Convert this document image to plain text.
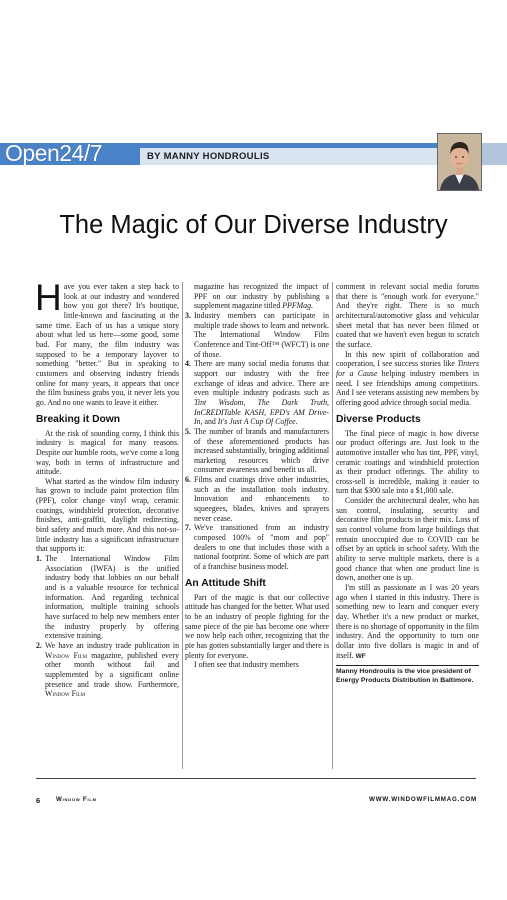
Open24/7	BY MANNY HONDROULIS
The Magic of Our Diverse Industry

Have you ever taken a step back to look at our industry and wondered how you got there? It's boutique, little-known and fascinating at the same time. Each of us has a unique story about what led us here—some good, some bad. For many, the film industry was supposed to be a temporary layover to something "better." But in speaking to customers and observing industry friends online for many years, it appears that once the film business grabs you, it never lets you go. And no one wants to leave it either.

Breaking it Down

At the risk of sounding corny, I think this industry is magical for many reasons. Despite our humble roots, we've come a long way, both in terms of infrastructure and attitude.

What started as the window film industry has grown to include paint protection film (PPF), color change vinyl wrap, ceramic coatings, windshield protection, decorative finishes, anti-graffiti, daylight redirecting, bird safety and much more. And this not-so-little industry has a significant infrastructure that supports it:

1. The International Window Film Association (IWFA) is the unified industry body that lobbies on our behalf and is a valuable resource for technical information. And regarding technical information, multiple training schools have surfaced to help new members enter the industry properly by offering extensive training.
2. We have an industry trade publication in Window Film magazine, published every other month without fail and supplemented by a significant online presence and trade show. Furthermore, Window Film

magazine has recognized the impact of PPF on our industry by publishing a supplement magazine titled PPFMag.

3. Industry members can participate in multiple trade shows to learn and network. The International Window Film Conference and Tint-Off™ (WFCT) is one of those.
4. There are many social media forums that support our industry with the free exchange of ideas and advice. There are even multiple industry podcasts such as Tint Wisdom, The Dark Truth, InCREDITable KASH, EPD's AM Drive-In, and It's Just A Cup Of Coffee.
5. The number of brands and manufacturers of these aforementioned products has increased substantially, bringing additional marketing resources which drive consumer awareness and benefit us all.
6. Films and coatings drive other industries, such as the installation tools industry. Innovation and enhancements to squeegees, blades, knives and sprayers never cease.
7. We've transitioned from an industry composed 100% of "mom and pop" dealers to one that includes those with a national footprint. Some of which are part of a franchise business model.

An Attitude Shift

Part of the magic is that our collective attitude has changed for the better. What used to be an industry of people fighting for the same piece of the pie has become one where we now help each other, recognizing that the pie has gotten substantially larger and there is plenty for everyone.

I often see that industry members

comment in relevant social media forums that there is "enough work for everyone." And they're right. There is so much architectural/automotive glass and vehicular sheet metal that has never been filmed or coated that we haven't even begun to scratch the surface.

In this new spirit of collaboration and cooperation, I see success stories like Tinters for a Cause helping industry members in need. I see friendships among competitors. And I see veterans assisting new members by offering good advice through social media.

Diverse Products

The final piece of magic is how diverse our product offerings are. Just look to the automotive installer who has tint, PPF, vinyl, ceramic coatings and windshield protection as their product offerings. The ability to cross-sell is incredible, making it easier to turn that $300 sale into a $1,000 sale.

Consider the architectural dealer, who has sun control, insulating, security and decorative film products in their mix. Loss of sun control volume from large buildings that remain unoccupied due to COVID can be offset by an uptick in school safety. With the ability to serve multiple markets, there is a good chance that when one product line is down, another one is up.

I'm still as passionate as I was 20 years ago when I started in this industry. There is something new to learn and conquer every day. Whether it's a new product or market, there is no shortage of opportunity in the film industry. And the opportunity to turn one dollar into five dollars is magic in and of itself. WF

Manny Hondroulis is the vice president of Energy Products Distribution in Baltimore.

6 Window Film	WWW.WINDOWFILMMAG.COM
